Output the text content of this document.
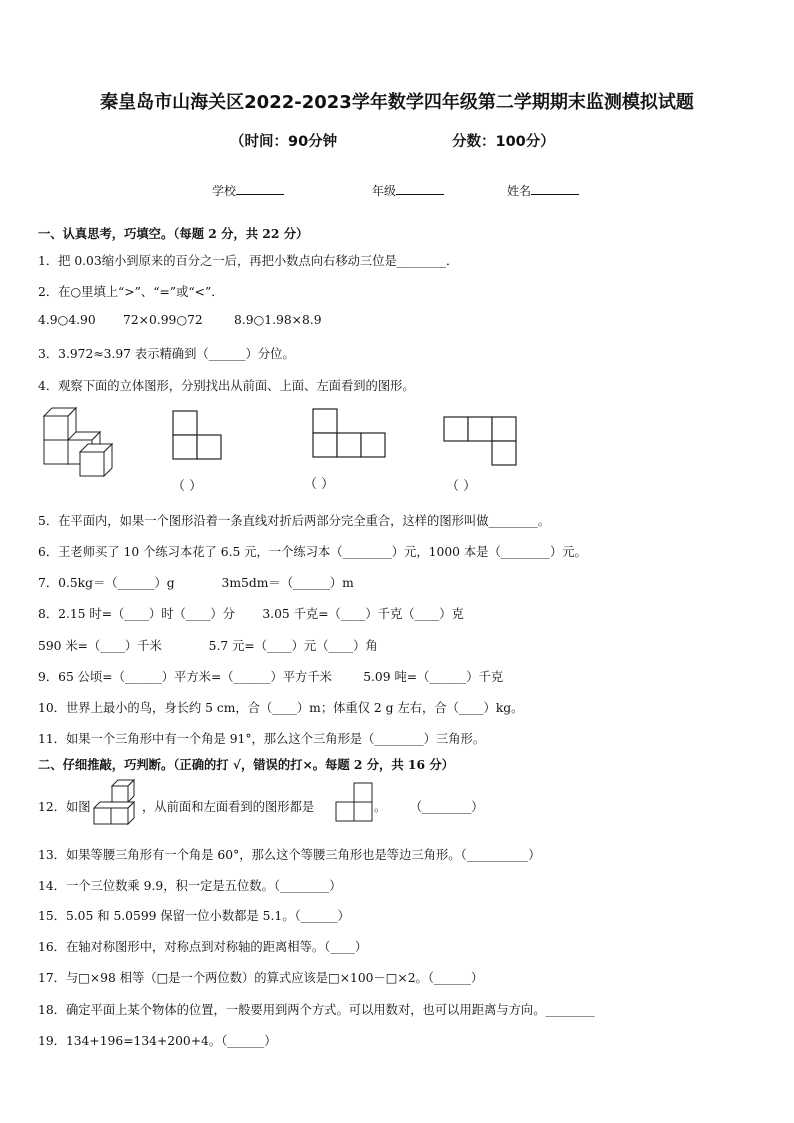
秦皇岛市山海关区2022-2023学年数学四年级第二学期期末监测模拟试题
（时间：90分钟	分数：100分）
学校	年级	姓名
一、认真思考，巧填空。（每题 2 分，共 22 分）
1．把 0.03缩小到原来的百分之一后，再把小数点向右移动三位是________．
2．在○里填上“>”、“=”或“<”．
4.9○4.90       72×0.99○72        8.9○1.98×8.9
3．3.972≈3.97 表示精确到（______）分位。
4．观察下面的立体图形，分别找出从前面、上面、左面看到的图形。
（ ）	（ ）	（ ）
5．在平面内，如果一个图形沿着一条直线对折后两部分完全重合，这样的图形叫做________。
6．王老师买了 10 个练习本花了 6.5 元，一个练习本（________）元，1000 本是（________）元。
7．0.5kg＝（______）g            3m5dm＝（______）m
8．2.15 时=（____）时（____）分       3.05 千克=（____）千克（____）克
590 米=（____）千米            5.7 元=（____）元（____）角
9．65 公顷=（______）平方米=（______）平方千米        5.09 吨=（______）千克
10．世界上最小的鸟，身长约 5 cm，合（____）m；体重仅 2 g 左右，合（____）kg。
11．如果一个三角形中有一个角是 91°，那么这个三角形是（________）三角形。
二、仔细推敲，巧判断。（正确的打 √，错误的打×。每题 2 分，共 16 分）
12．如图	，从前面和左面看到的图形都是	。      （________）
13．如果等腰三角形有一个角是 60°，那么这个等腰三角形也是等边三角形。（__________）
14．一个三位数乘 9.9，积一定是五位数。（________）
15．5.05 和 5.0599 保留一位小数都是 5.1。（______）
16．在轴对称图形中，对称点到对称轴的距离相等。（____）
17．与□×98 相等（□是一个两位数）的算式应该是□×100－□×2。（______）
18．确定平面上某个物体的位置，一般要用到两个方式。可以用数对，也可以用距离与方向。________
19．134+196=134+200+4。（______）
